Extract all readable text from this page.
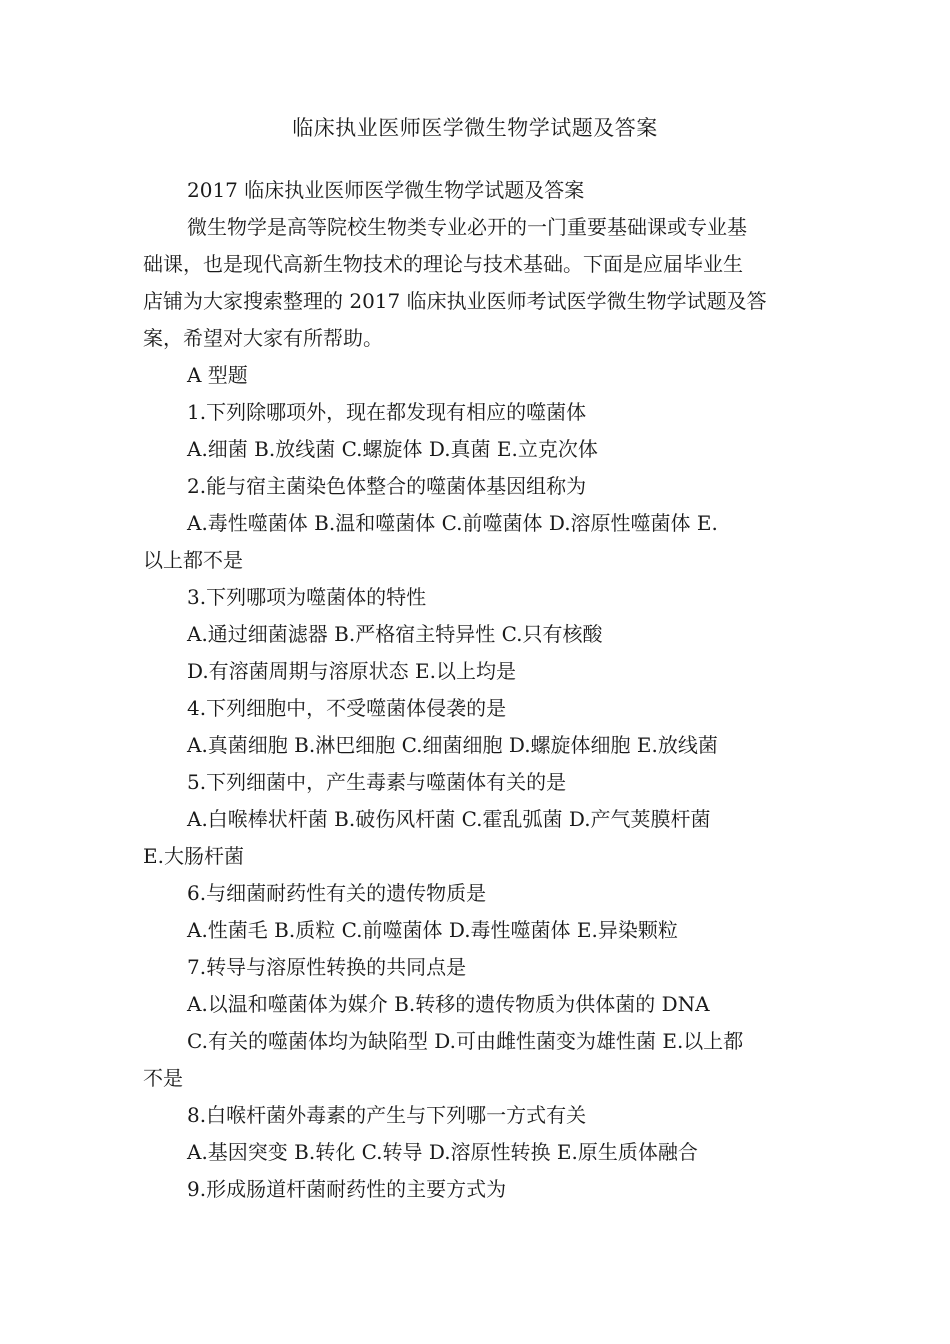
临床执业医师医学微生物学试题及答案
2017 临床执业医师医学微生物学试题及答案
微生物学是高等院校生物类专业必开的一门重要基础课或专业基
础课，也是现代高新生物技术的理论与技术基础。下面是应届毕业生
店铺为大家搜索整理的 2017 临床执业医师考试医学微生物学试题及答
案，希望对大家有所帮助。
A 型题
1.下列除哪项外，现在都发现有相应的噬菌体
A.细菌 B.放线菌 C.螺旋体 D.真菌 E.立克次体
2.能与宿主菌染色体整合的噬菌体基因组称为
A.毒性噬菌体 B.温和噬菌体 C.前噬菌体 D.溶原性噬菌体 E.
以上都不是
3.下列哪项为噬菌体的特性
A.通过细菌滤器 B.严格宿主特异性 C.只有核酸
D.有溶菌周期与溶原状态 E.以上均是
4.下列细胞中，不受噬菌体侵袭的是
A.真菌细胞 B.淋巴细胞 C.细菌细胞 D.螺旋体细胞 E.放线菌
5.下列细菌中，产生毒素与噬菌体有关的是
A.白喉棒状杆菌 B.破伤风杆菌 C.霍乱弧菌 D.产气荚膜杆菌
E.大肠杆菌
6.与细菌耐药性有关的遗传物质是
A.性菌毛 B.质粒 C.前噬菌体 D.毒性噬菌体 E.异染颗粒
7.转导与溶原性转换的共同点是
A.以温和噬菌体为媒介 B.转移的遗传物质为供体菌的 DNA
C.有关的噬菌体均为缺陷型 D.可由雌性菌变为雄性菌 E.以上都
不是
8.白喉杆菌外毒素的产生与下列哪一方式有关
A.基因突变 B.转化 C.转导 D.溶原性转换 E.原生质体融合
9.形成肠道杆菌耐药性的主要方式为
